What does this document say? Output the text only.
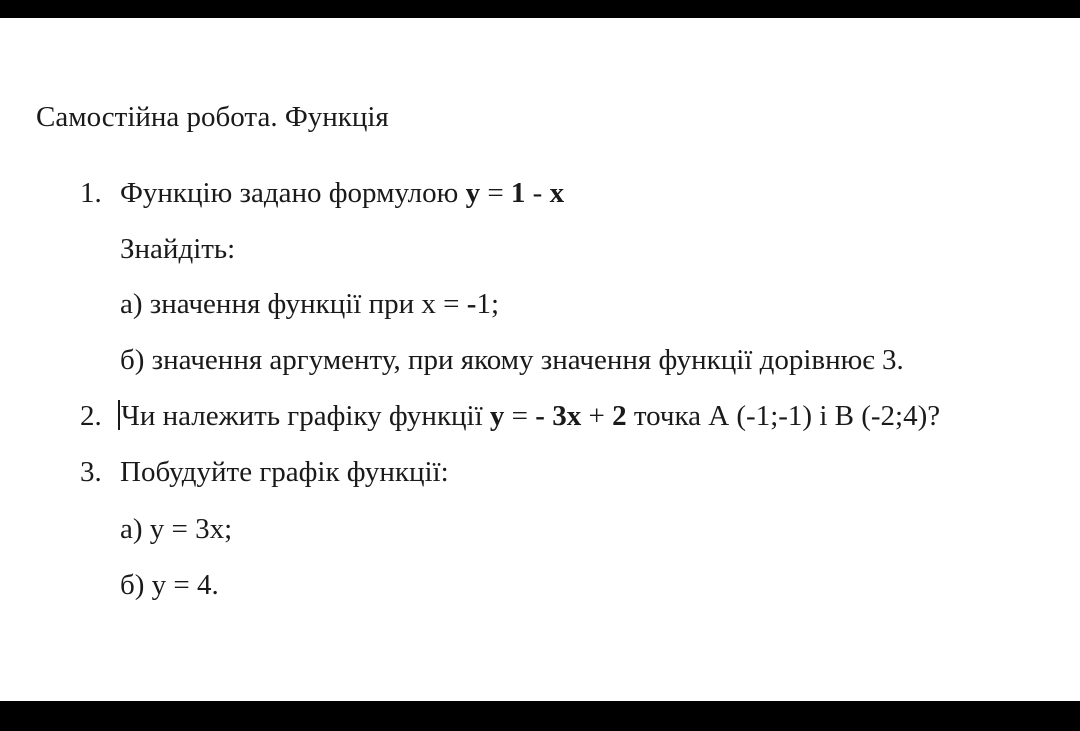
Самостійна робота. Функція
1. Функцію задано формулою y = 1 - x
Знайдіть:
а) значення функції при х = -1;
б) значення аргументу, при якому значення функції дорівнює 3.
2. Чи належить графіку функції y = - 3x + 2 точка А (-1;-1) і В (-2;4)?
3. Побудуйте графік функції:
а) у = 3х;
б) у = 4.
